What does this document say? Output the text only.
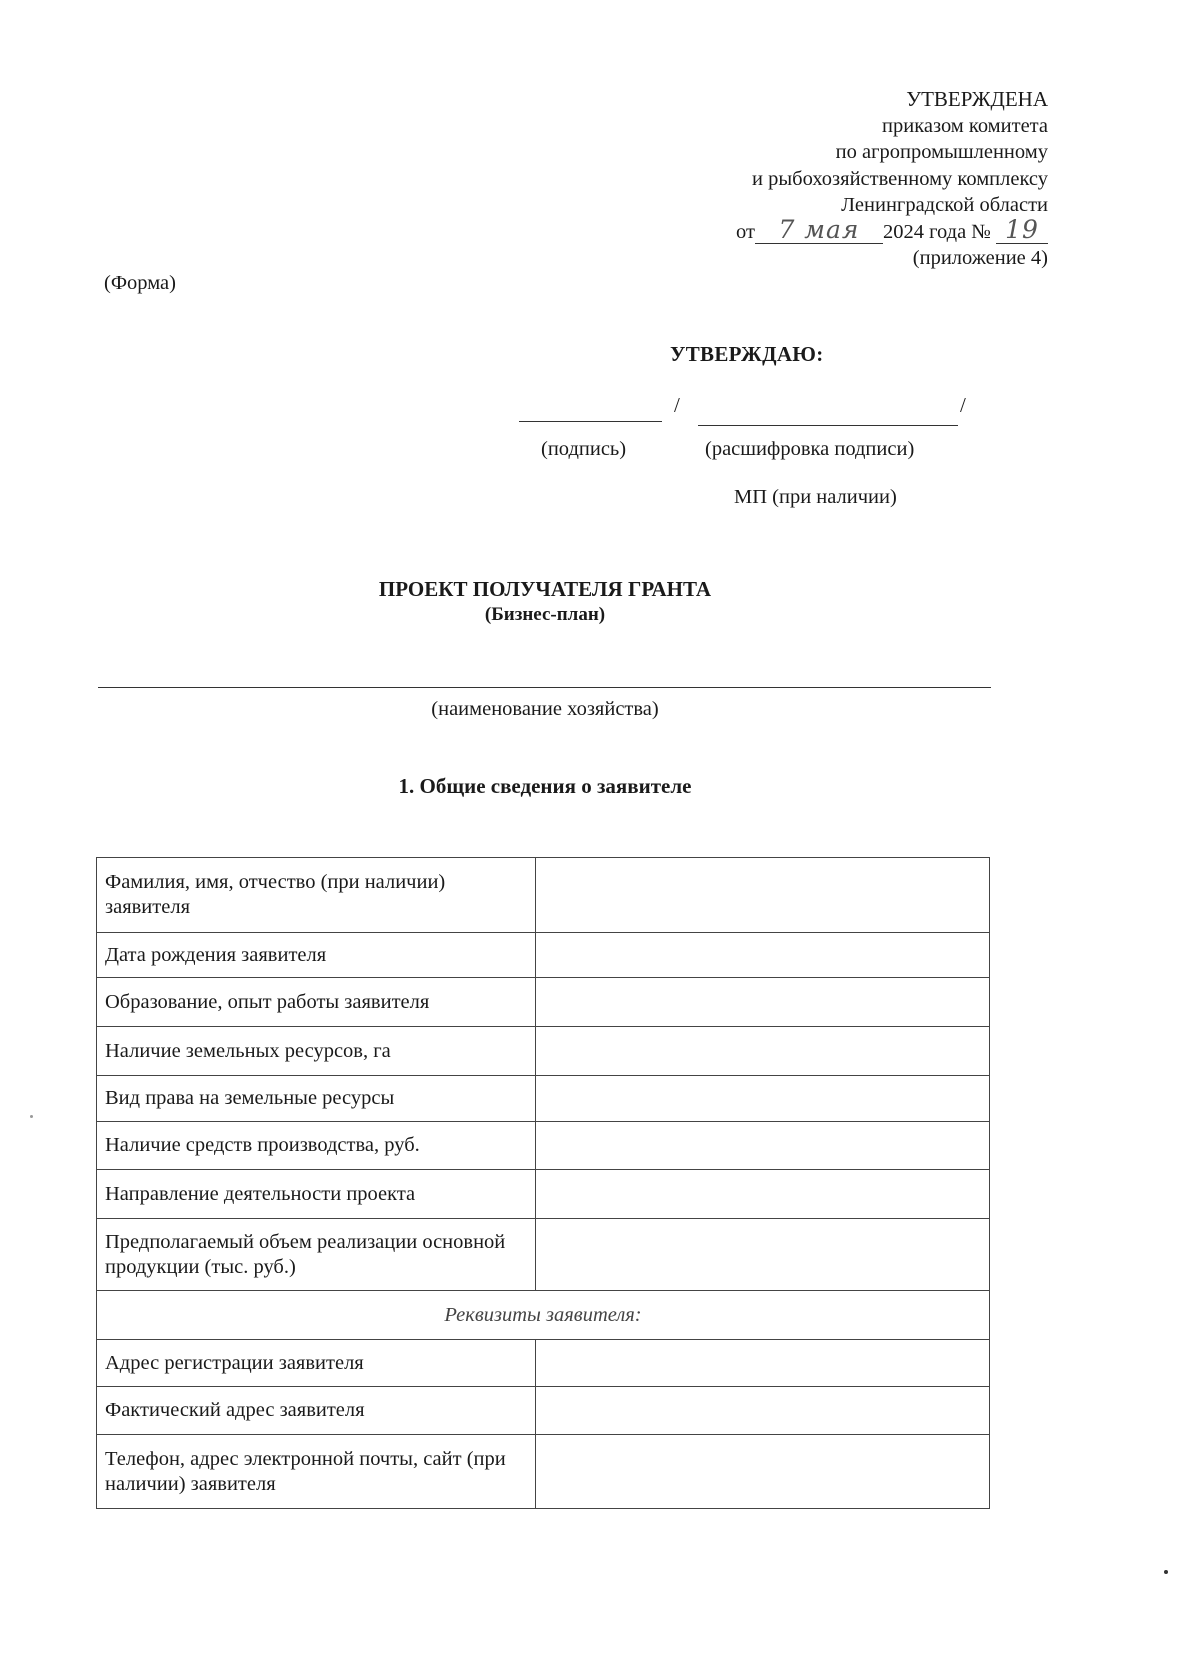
УТВЕРЖДЕНА
приказом комитета
по агропромышленному
и рыбохозяйственному комплексу
Ленинградской области
от 7 мая 2024 года № 19
(приложение 4)
(Форма)
УТВЕРЖДАЮ:
/	/
(подпись)	(расшифровка подписи)
МП (при наличии)
ПРОЕКТ ПОЛУЧАТЕЛЯ ГРАНТА
(Бизнес-план)
(наименование хозяйства)
1. Общие сведения о заявителе
Фамилия, имя, отчество (при наличии) заявителя	
Дата рождения заявителя	
Образование, опыт работы заявителя	
Наличие земельных ресурсов, га	
Вид права на земельные ресурсы	
Наличие средств производства, руб.	
Направление деятельности проекта	
Предполагаемый объем реализации основной продукции (тыс. руб.)	
Реквизиты заявителя:	
Адрес регистрации заявителя	
Фактический адрес заявителя	
Телефон, адрес электронной почты, сайт (при наличии) заявителя	
